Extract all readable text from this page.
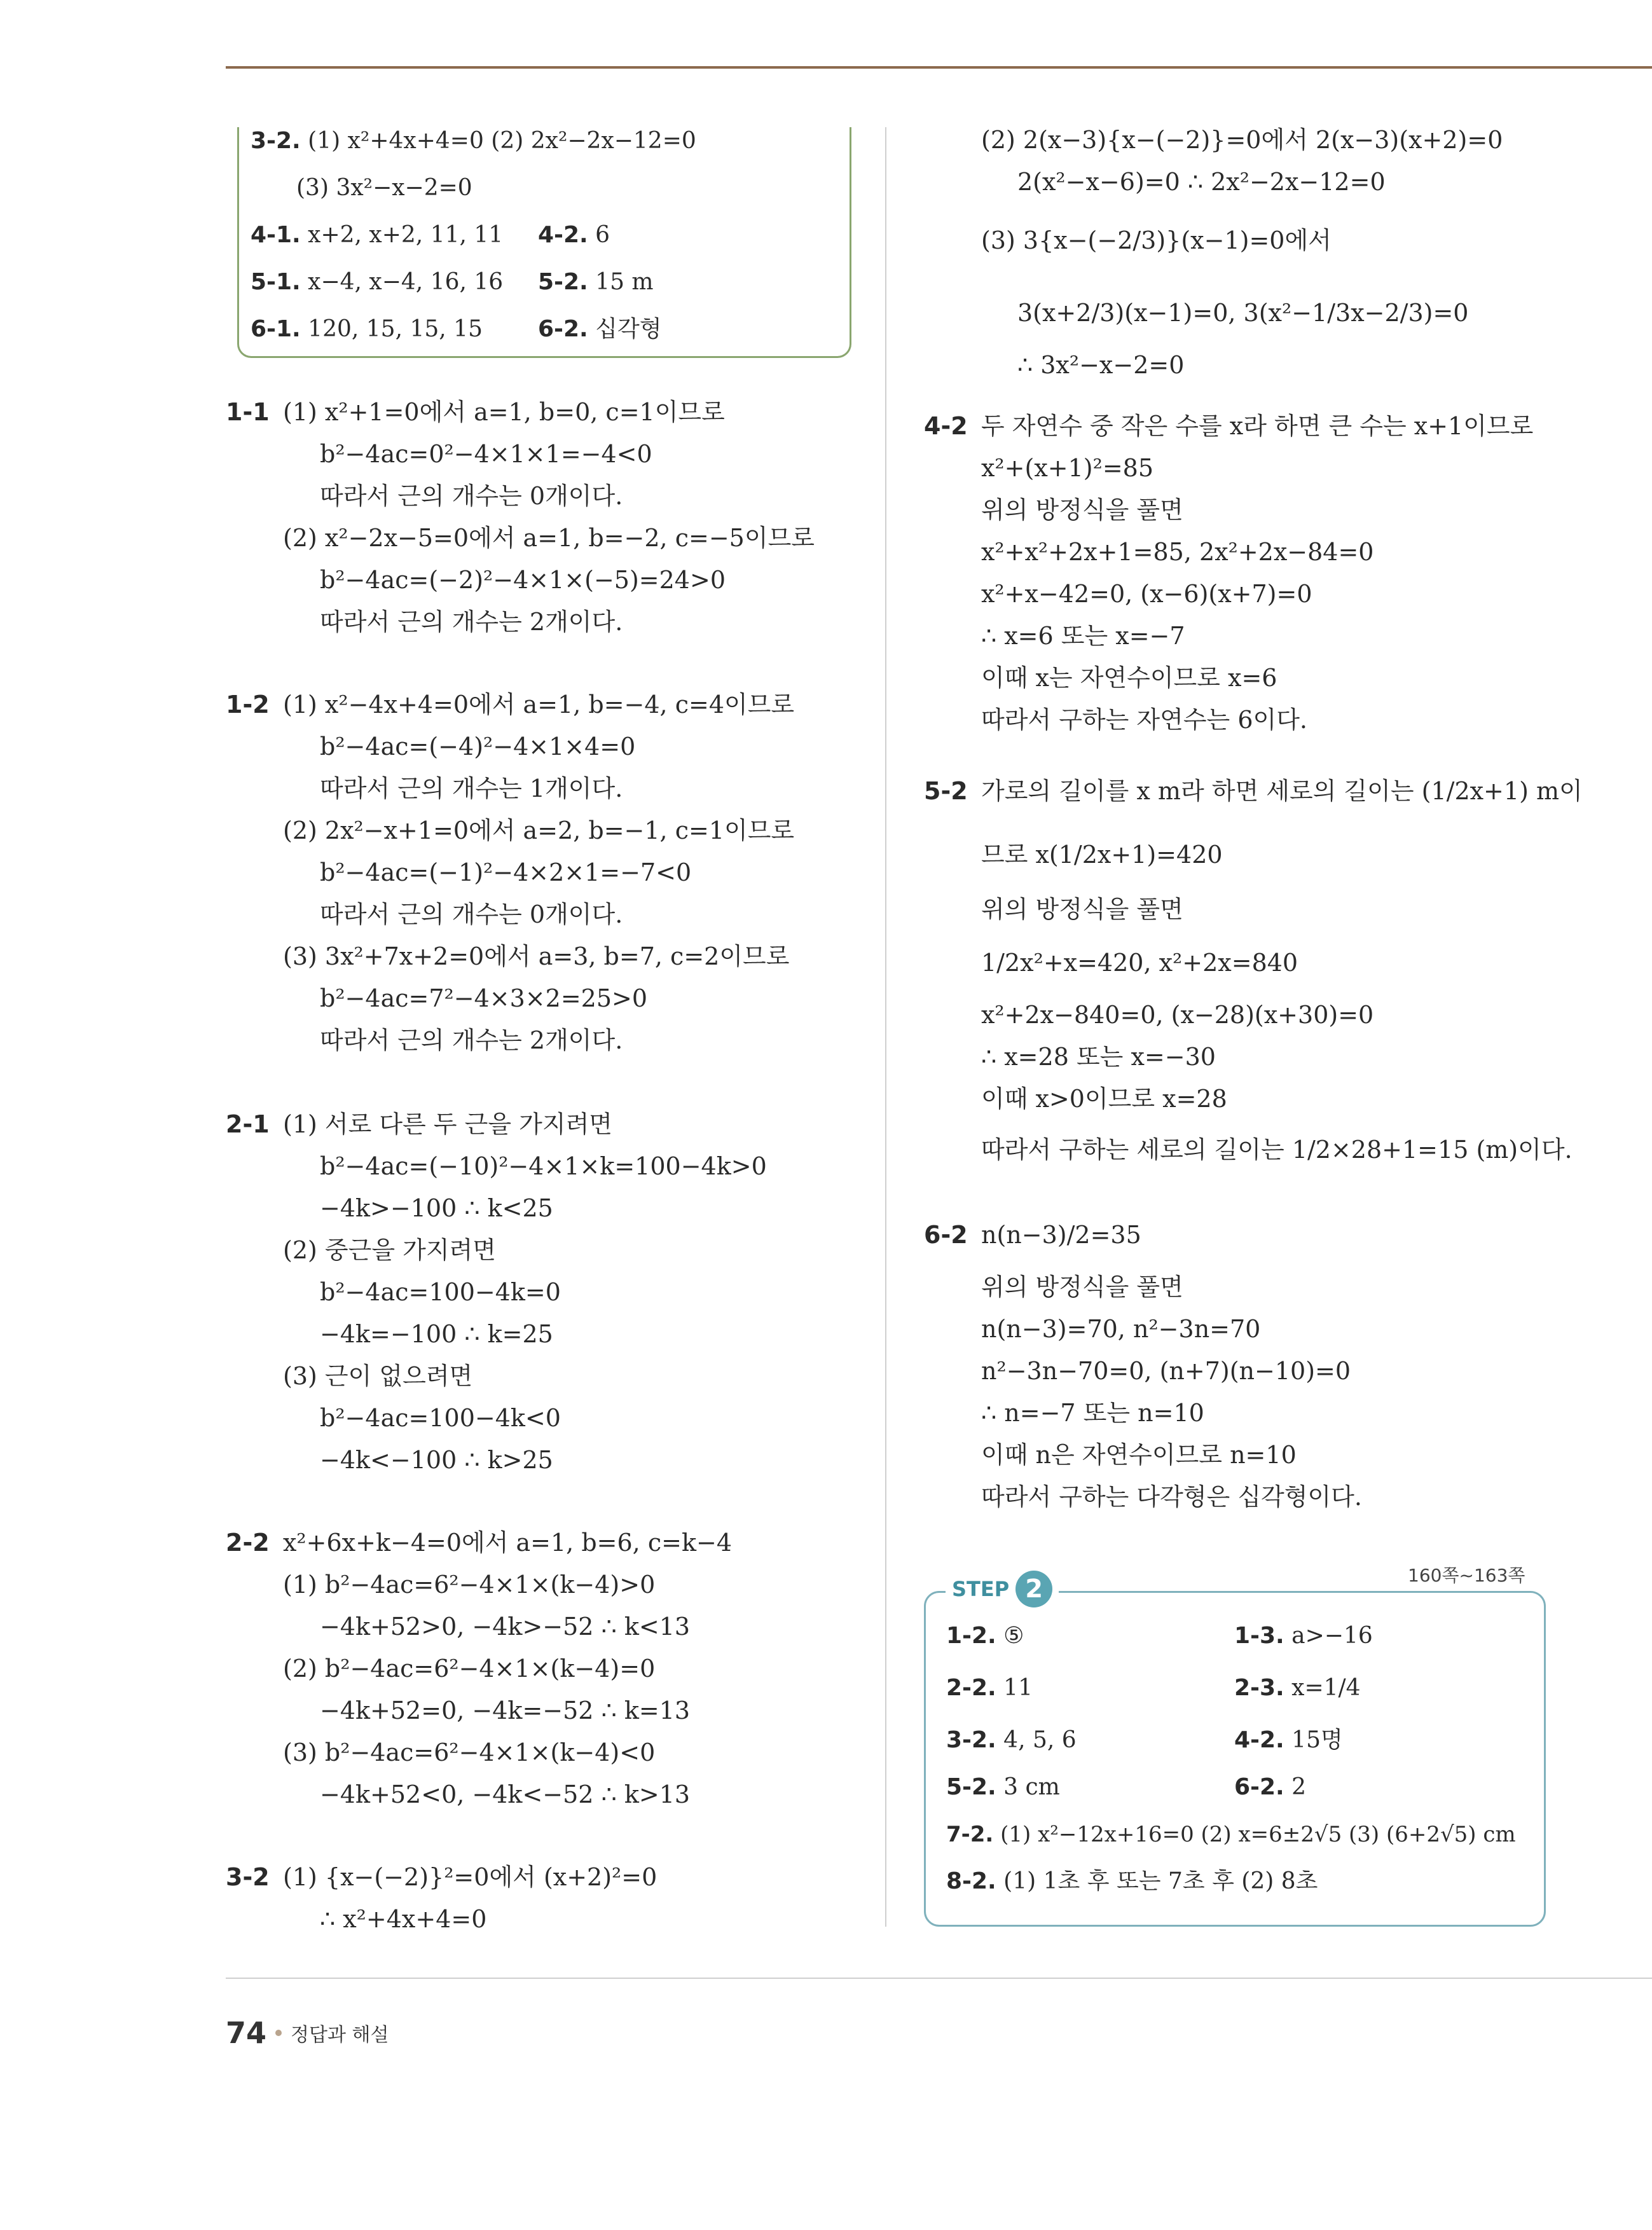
3-2. (1) x²+4x+4=0 (2) 2x²−2x−12=0
(3) 3x²−x−2=0
4-1. x+2, x+2, 11, 11 4-2. 6
5-1. x−4, x−4, 16, 16 5-2. 15 m
6-1. 120, 15, 15, 15 6-2. 십각형
1-1 (1) x²+1=0에서 a=1, b=0, c=1이므로
b²−4ac=0²−4×1×1=−4<0
따라서 근의 개수는 0개이다.
(2) x²−2x−5=0에서 a=1, b=−2, c=−5이므로
b²−4ac=(−2)²−4×1×(−5)=24>0
따라서 근의 개수는 2개이다.
1-2 (1) x²−4x+4=0에서 a=1, b=−4, c=4이므로
b²−4ac=(−4)²−4×1×4=0
따라서 근의 개수는 1개이다.
(2) 2x²−x+1=0에서 a=2, b=−1, c=1이므로
b²−4ac=(−1)²−4×2×1=−7<0
따라서 근의 개수는 0개이다.
(3) 3x²+7x+2=0에서 a=3, b=7, c=2이므로
b²−4ac=7²−4×3×2=25>0
따라서 근의 개수는 2개이다.
2-1 (1) 서로 다른 두 근을 가지려면
b²−4ac=(−10)²−4×1×k=100−4k>0
−4k>−100 ∴ k<25
(2) 중근을 가지려면
b²−4ac=100−4k=0
−4k=−100 ∴ k=25
(3) 근이 없으려면
b²−4ac=100−4k<0
−4k<−100 ∴ k>25
2-2 x²+6x+k−4=0에서 a=1, b=6, c=k−4
(1) b²−4ac=6²−4×1×(k−4)>0
−4k+52>0, −4k>−52 ∴ k<13
(2) b²−4ac=6²−4×1×(k−4)=0
−4k+52=0, −4k=−52 ∴ k=13
(3) b²−4ac=6²−4×1×(k−4)<0
−4k+52<0, −4k<−52 ∴ k>13
3-2 (1) {x−(−2)}²=0에서 (x+2)²=0
∴ x²+4x+4=0
(2) 2(x−3){x−(−2)}=0에서 2(x−3)(x+2)=0
2(x²−x−6)=0 ∴ 2x²−2x−12=0
(3) 3{x−(−2/3)}(x−1)=0에서
3(x+2/3)(x−1)=0, 3(x²−1/3x−2/3)=0
∴ 3x²−x−2=0
4-2 두 자연수 중 작은 수를 x라 하면 큰 수는 x+1이므로
x²+(x+1)²=85
위의 방정식을 풀면
x²+x²+2x+1=85, 2x²+2x−84=0
x²+x−42=0, (x−6)(x+7)=0
∴ x=6 또는 x=−7
이때 x는 자연수이므로 x=6
따라서 구하는 자연수는 6이다.
5-2 가로의 길이를 x m라 하면 세로의 길이는 (1/2x+1) m이
므로 x(1/2x+1)=420
위의 방정식을 풀면
1/2x²+x=420, x²+2x=840
x²+2x−840=0, (x−28)(x+30)=0
∴ x=28 또는 x=−30
이때 x>0이므로 x=28
따라서 구하는 세로의 길이는 1/2×28+1=15 (m)이다.
6-2 n(n−3)/2=35
위의 방정식을 풀면
n(n−3)=70, n²−3n=70
n²−3n−70=0, (n+7)(n−10)=0
∴ n=−7 또는 n=10
이때 n은 자연수이므로 n=10
따라서 구하는 다각형은 십각형이다.
160쪽~163쪽
1-2. ⑤	1-3. a>−16
2-2. 11	2-3. x=1/4
3-2. 4, 5, 6	4-2. 15명
5-2. 3 cm	6-2. 2
7-2. (1) x²−12x+16=0 (2) x=6±2√5 (3) (6+2√5) cm
8-2. (1) 1초 후 또는 7초 후 (2) 8초
STEP 2
74 정답과 해설
